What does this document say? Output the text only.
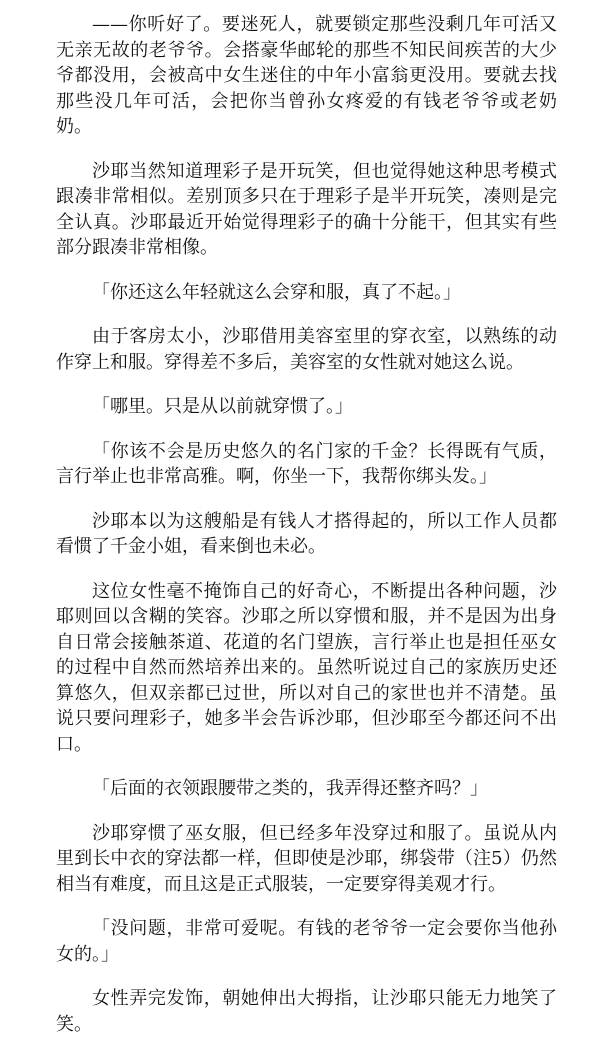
——你听好了。要迷死人，就要锁定那些没剩几年可活又无亲无故的老爷爷。会搭豪华邮轮的那些不知民间疾苦的大少爷都没用，会被高中女生迷住的中年小富翁更没用。要就去找那些没几年可活，会把你当曾孙女疼爱的有钱老爷爷或老奶奶。

沙耶当然知道理彩子是开玩笑，但也觉得她这种思考模式跟凑非常相似。差别顶多只在于理彩子是半开玩笑，凑则是完全认真。沙耶最近开始觉得理彩子的确十分能干，但其实有些部分跟凑非常相像。

「你还这么年轻就这么会穿和服，真了不起。」

由于客房太小，沙耶借用美容室里的穿衣室，以熟练的动作穿上和服。穿得差不多后，美容室的女性就对她这么说。

「哪里。只是从以前就穿惯了。」

「你该不会是历史悠久的名门家的千金？长得既有气质，言行举止也非常高雅。啊，你坐一下，我帮你绑头发。」

沙耶本以为这艘船是有钱人才搭得起的，所以工作人员都看惯了千金小姐，看来倒也未必。

这位女性毫不掩饰自己的好奇心，不断提出各种问题，沙耶则回以含糊的笑容。沙耶之所以穿惯和服，并不是因为出身自日常会接触茶道、花道的名门望族，言行举止也是担任巫女的过程中自然而然培养出来的。虽然听说过自己的家族历史还算悠久，但双亲都已过世，所以对自己的家世也并不清楚。虽说只要问理彩子，她多半会告诉沙耶，但沙耶至今都还问不出口。

「后面的衣领跟腰带之类的，我弄得还整齐吗？」

沙耶穿惯了巫女服，但已经多年没穿过和服了。虽说从内里到长中衣的穿法都一样，但即使是沙耶，绑袋带（注5）仍然相当有难度，而且这是正式服装，一定要穿得美观才行。

「没问题，非常可爱呢。有钱的老爷爷一定会要你当他孙女的。」

女性弄完发饰，朝她伸出大拇指，让沙耶只能无力地笑了笑。
